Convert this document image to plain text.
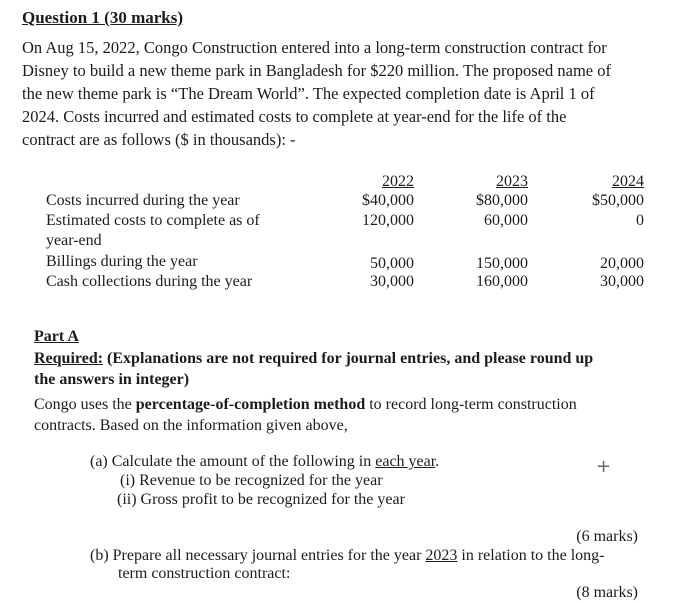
Question 1 (30 marks)

On Aug 15, 2022, Congo Construction entered into a long-term construction contract for

Disney to build a new theme park in Bangladesh for $220 million. The proposed name of

the new theme park is “The Dream World”. The expected completion date is April 1 of

2024. Costs incurred and estimated costs to complete at year-end for the life of the

contract are as follows ($ in thousands): -

2022	2023	2024
Costs incurred during the year	$40,000	$80,000	$50,000
Estimated costs to complete as of
year-end
120,000	60,000	0
Billings during the year	50,000	150,000	20,000
Cash collections during the year	30,000	160,000	30,000
Part A
Required: (Explanations are not required for journal entries, and please round up
the answers in integer)
Congo uses the percentage-of-completion method to record long-term construction
contracts. Based on the information given above,
(a) Calculate the amount of the following in each year.
(i) Revenue to be recognized for the year
(ii) Gross profit to be recognized for the year
+
(6 marks)
(b) Prepare all necessary journal entries for the year 2023 in relation to the long-
term construction contract:
(8 marks)
